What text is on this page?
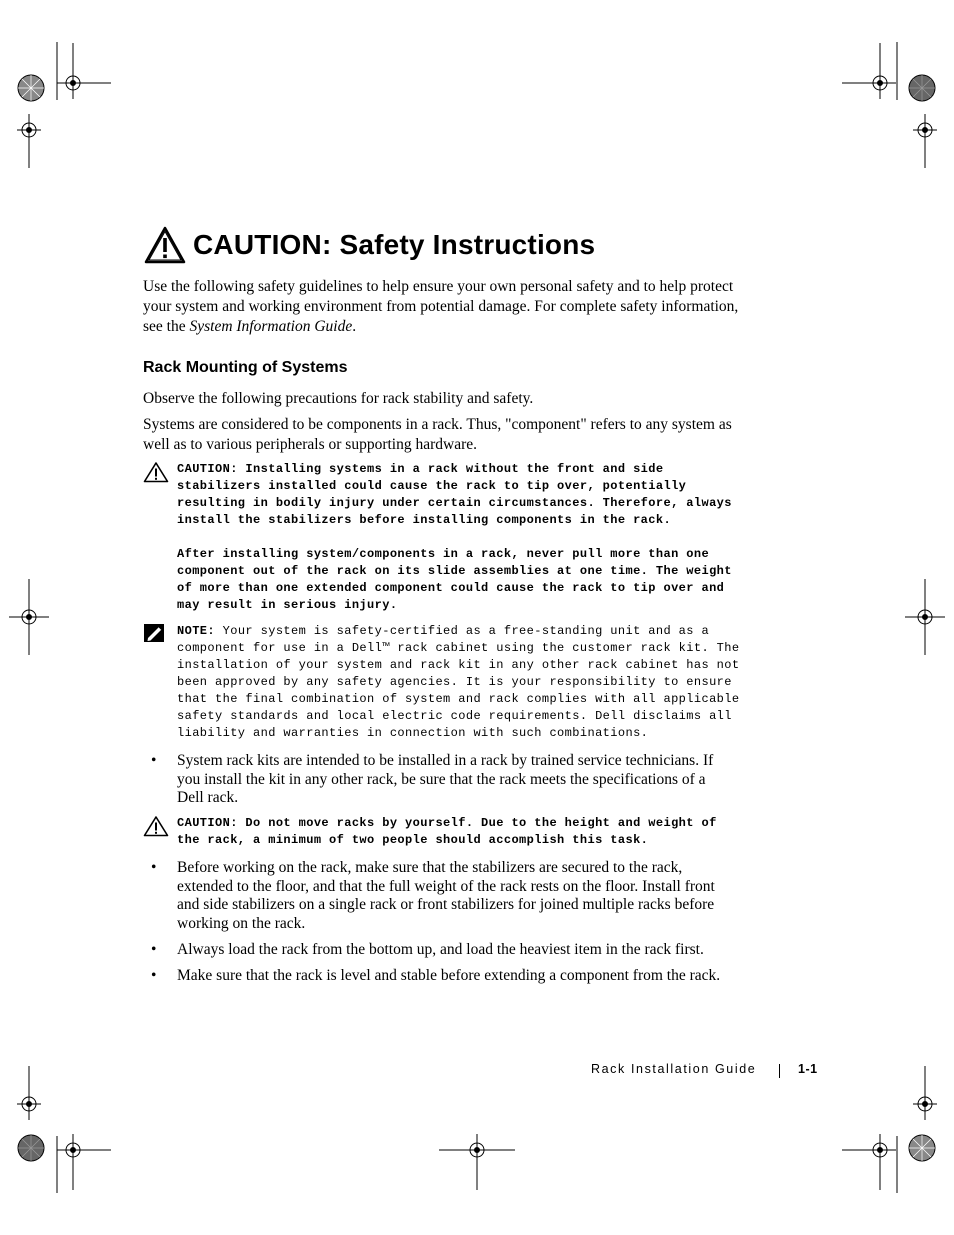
CAUTION: Safety Instructions

Use the following safety guidelines to help ensure your own personal safety and to help protect your system and working environment from potential damage. For complete safety information, see the System Information Guide.

Rack Mounting of Systems

Observe the following precautions for rack stability and safety.

Systems are considered to be components in a rack. Thus, "component" refers to any system as well as to various peripherals or supporting hardware.

CAUTION: Installing systems in a rack without the front and side stabilizers installed could cause the rack to tip over, potentially resulting in bodily injury under certain circumstances. Therefore, always install the stabilizers before installing components in the rack.

After installing system/components in a rack, never pull more than one component out of the rack on its slide assemblies at one time. The weight of more than one extended component could cause the rack to tip over and may result in serious injury.

NOTE: Your system is safety-certified as a free-standing unit and as a component for use in a Dell™ rack cabinet using the customer rack kit. The installation of your system and rack kit in any other rack cabinet has not been approved by any safety agencies. It is your responsibility to ensure that the final combination of system and rack complies with all applicable safety standards and local electric code requirements. Dell disclaims all liability and warranties in connection with such combinations.

• System rack kits are intended to be installed in a rack by trained service technicians. If you install the kit in any other rack, be sure that the rack meets the specifications of a Dell rack.

CAUTION: Do not move racks by yourself. Due to the height and weight of the rack, a minimum of two people should accomplish this task.

• Before working on the rack, make sure that the stabilizers are secured to the rack, extended to the floor, and that the full weight of the rack rests on the floor. Install front and side stabilizers on a single rack or front stabilizers for joined multiple racks before working on the rack.
• Always load the rack from the bottom up, and load the heaviest item in the rack first.
• Make sure that the rack is level and stable before extending a component from the rack.
Rack Installation Guide	1-1
